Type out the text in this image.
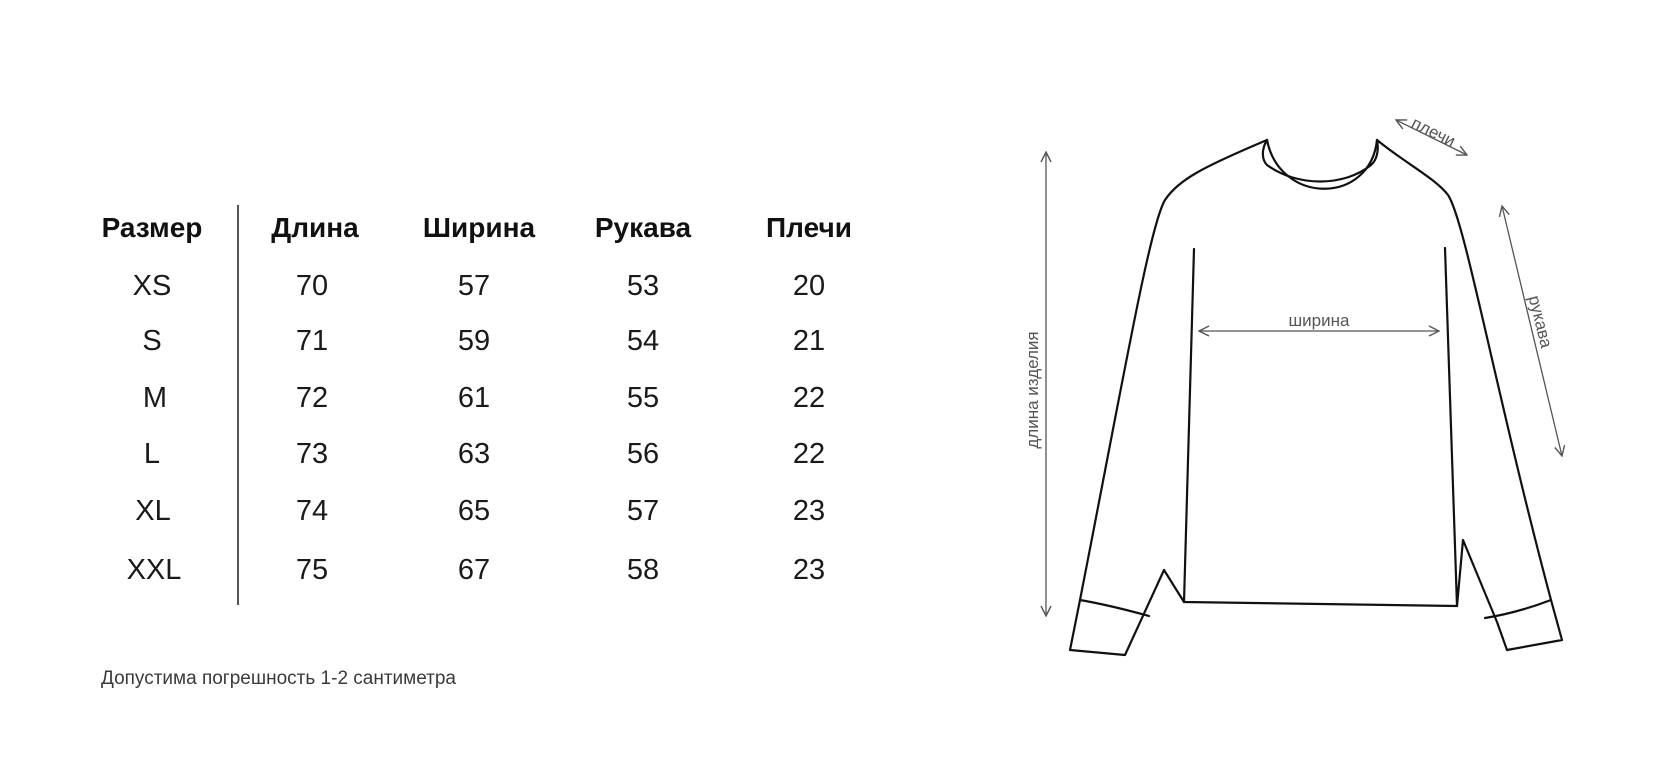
Размер Длина Ширина Рукава	Плечи
XS	70	57	53	20
S	71	59	54	21
M	72	61	55	22
L	73	63	56	22
XL	74	65	57	23
XXL	75	67	58	23
Допустима погрешность 1-2 сантиметра
ширина
длина изделия
плечи
рукава
